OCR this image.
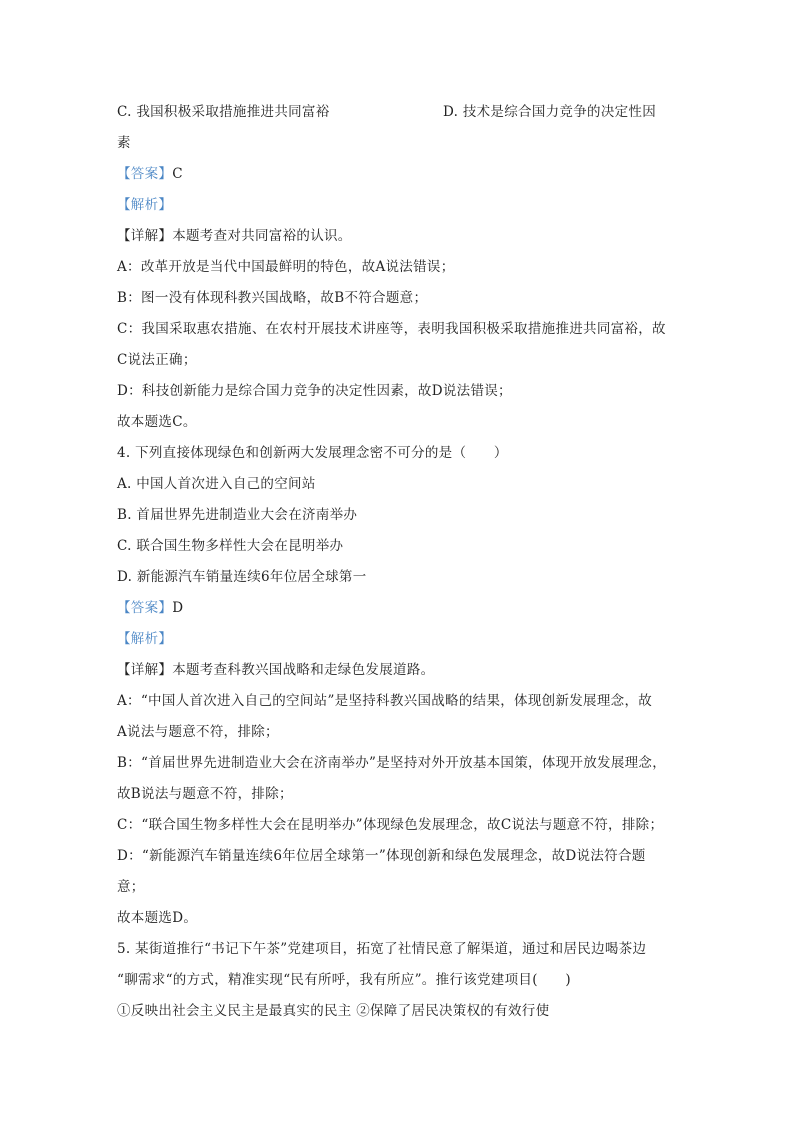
C. 我国积极采取措施推进共同富裕	D. 技术是综合国力竞争的决定性因
素
【答案】C
【解析】
【详解】本题考查对共同富裕的认识。
A：改革开放是当代中国最鲜明的特色，故A说法错误；
B：图一没有体现科教兴国战略，故B不符合题意；
C：我国采取惠农措施、在农村开展技术讲座等，表明我国积极采取措施推进共同富裕，故
C说法正确；
D：科技创新能力是综合国力竞争的决定性因素，故D说法错误；
故本题选C。
4. 下列直接体现绿色和创新两大发展理念密不可分的是（　　）
A. 中国人首次进入自己的空间站
B. 首届世界先进制造业大会在济南举办
C. 联合国生物多样性大会在昆明举办
D. 新能源汽车销量连续6年位居全球第一
【答案】D
【解析】
【详解】本题考查科教兴国战略和走绿色发展道路。
A：“中国人首次进入自己的空间站”是坚持科教兴国战略的结果，体现创新发展理念，故
A说法与题意不符，排除；
B：“首届世界先进制造业大会在济南举办”是坚持对外开放基本国策，体现开放发展理念，
故B说法与题意不符，排除；
C：“联合国生物多样性大会在昆明举办”体现绿色发展理念，故C说法与题意不符，排除；
D：“新能源汽车销量连续6年位居全球第一”体现创新和绿色发展理念，故D说法符合题
意；
故本题选D。
5. 某街道推行“书记下午茶”党建项目，拓宽了社情民意了解渠道，通过和居民边喝茶边
“聊需求“的方式，精准实现“民有所呼，我有所应”。推行该党建项目(　　)
①反映出社会主义民主是最真实的民主 ②保障了居民决策权的有效行使
